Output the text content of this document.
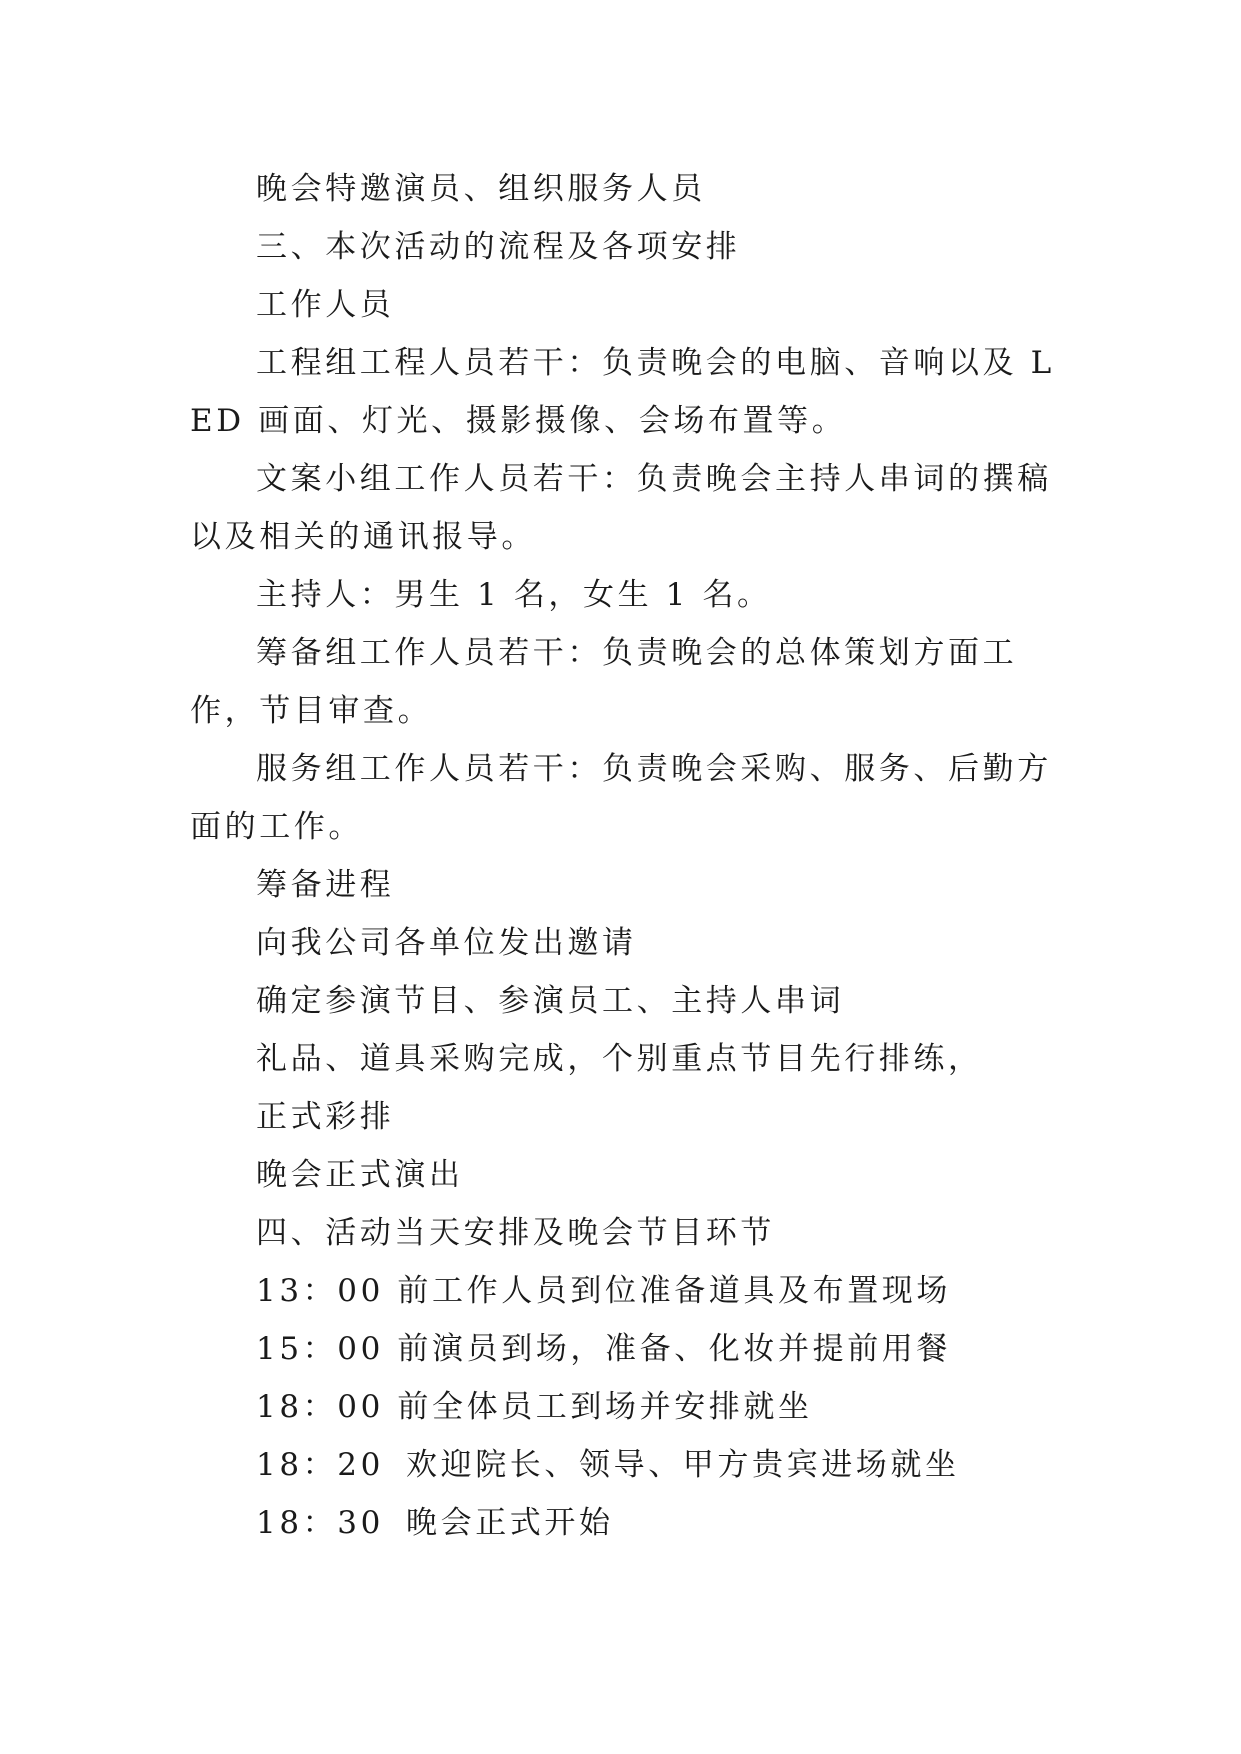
晚会特邀演员、组织服务人员

三、本次活动的流程及各项安排

工作人员

工程组工程人员若干：负责晚会的电脑、音响以及 LED 画面、灯光、摄影摄像、会场布置等。

文案小组工作人员若干：负责晚会主持人串词的撰稿以及相关的通讯报导。

主持人：男生 1 名，女生 1 名。

筹备组工作人员若干：负责晚会的总体策划方面工作，节目审查。

服务组工作人员若干：负责晚会采购、服务、后勤方面的工作。

筹备进程

向我公司各单位发出邀请

确定参演节目、参演员工、主持人串词

礼品、道具采购完成，个别重点节目先行排练，

正式彩排

晚会正式演出

四、活动当天安排及晚会节目环节

13：00 前工作人员到位准备道具及布置现场
15：00 前演员到场，准备、化妆并提前用餐
18：00 前全体员工到场并安排就坐
18：20 欢迎院长、领导、甲方贵宾进场就坐
18：30 晚会正式开始
